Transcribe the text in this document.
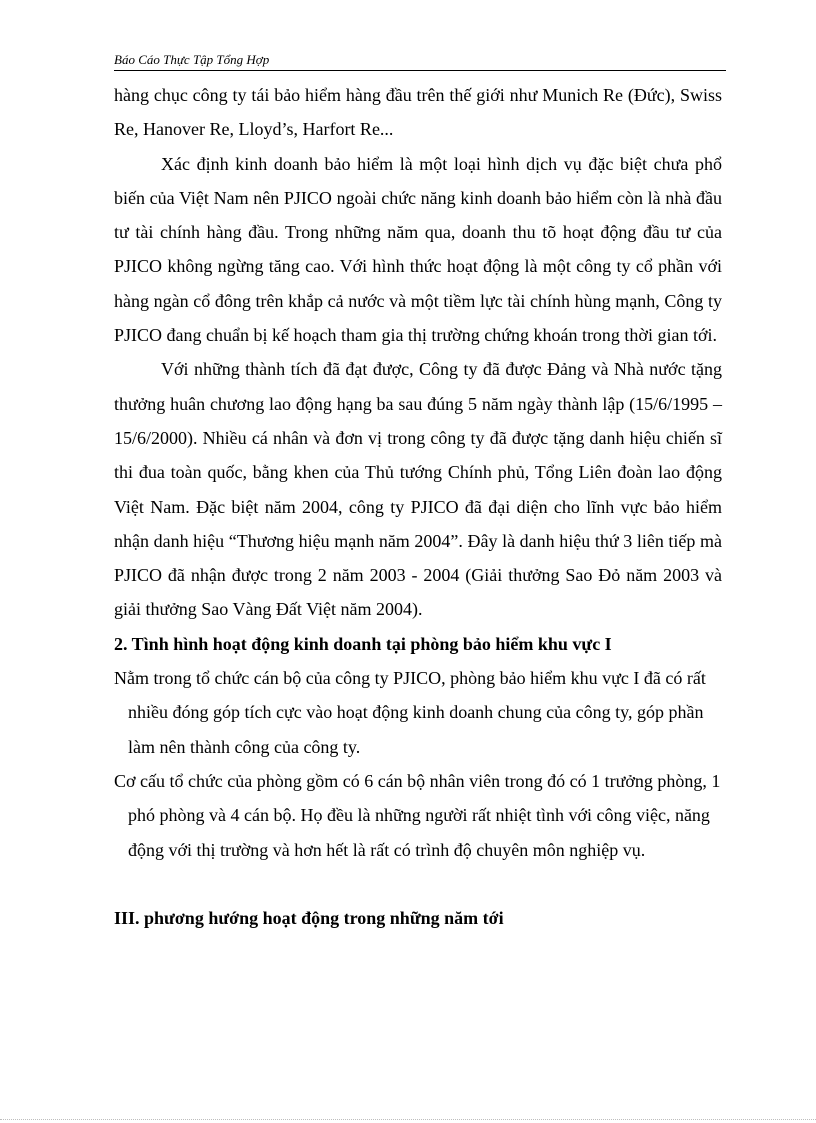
Báo Cáo Thực Tập Tổng Hợp

hàng chục công ty tái bảo hiểm hàng đầu trên thế giới như Munich Re (Đức), Swiss Re, Hanover Re, Lloyd’s, Harfort Re...

Xác định kinh doanh bảo hiểm là một loại hình dịch vụ đặc biệt chưa phổ biến của Việt Nam nên PJICO ngoài chức năng kinh doanh bảo hiểm còn là nhà đầu tư tài chính hàng đầu. Trong những năm qua, doanh thu tõ hoạt động đầu tư của PJICO không ngừng tăng cao. Với hình thức hoạt động là một công ty cổ phần với hàng ngàn cổ đông trên khắp cả nước và một tiềm lực tài chính hùng mạnh, Công ty PJICO đang chuẩn bị kế hoạch tham gia thị trường chứng khoán trong thời gian tới.

Với những thành tích đã đạt được, Công ty đã được Đảng và Nhà nước tặng thưởng huân chương lao động hạng ba sau đúng 5 năm ngày thành lập (15/6/1995 – 15/6/2000). Nhiều cá nhân và đơn vị trong công ty đã được tặng danh hiệu chiến sĩ thi đua toàn quốc, bằng khen của Thủ tướng Chính phủ, Tổng Liên đoàn lao động Việt Nam. Đặc biệt năm 2004, công ty PJICO đã đại diện cho lĩnh vực bảo hiểm nhận danh hiệu “Thương hiệu mạnh năm 2004”. Đây là danh hiệu thứ 3 liên tiếp mà PJICO đã nhận được trong 2 năm 2003 - 2004 (Giải thưởng Sao Đỏ năm 2003 và giải thưởng Sao Vàng Đất Việt năm 2004).

2. Tình hình hoạt động kinh doanh tại phòng bảo hiểm khu vực I

Nằm trong tổ chức cán bộ của công ty PJICO, phòng bảo hiểm khu vực I đã có rất nhiều đóng góp tích cực vào hoạt động kinh doanh chung của công ty, góp phần làm nên thành công của công ty.

Cơ cấu tổ chức của phòng gồm có 6 cán bộ nhân viên trong đó có 1 trưởng phòng, 1 phó phòng và 4 cán bộ. Họ đều là những người rất nhiệt tình với công việc, năng động với thị trường và hơn hết là rất có trình độ chuyên môn nghiệp vụ.

III. phương hướng hoạt động trong những năm tới
